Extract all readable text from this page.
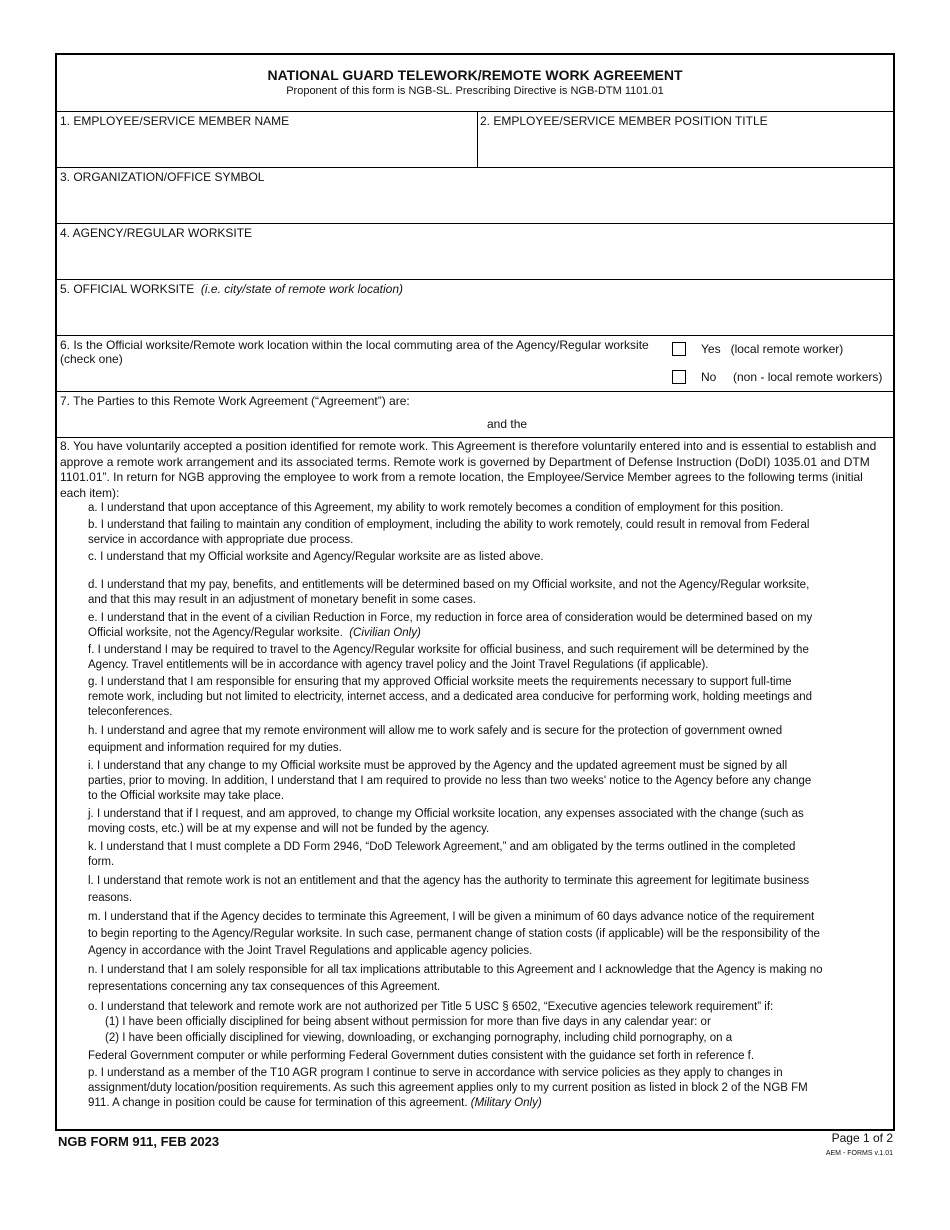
NATIONAL GUARD TELEWORK/REMOTE WORK AGREEMENT
Proponent of this form is NGB-SL. Prescribing Directive is NGB-DTM 1101.01
1. EMPLOYEE/SERVICE MEMBER NAME	2. EMPLOYEE/SERVICE MEMBER POSITION TITLE
3. ORGANIZATION/OFFICE SYMBOL
4. AGENCY/REGULAR WORKSITE
5. OFFICIAL WORKSITE (i.e. city/state of remote work location)
6. Is the Official worksite/Remote work location within the local commuting area of the Agency/Regular worksite (check one)
Yes (local remote worker)
No (non - local remote workers)
7. The Parties to this Remote Work Agreement (“Agreement”) are:
and the
8. You have voluntarily accepted a position identified for remote work. This Agreement is therefore voluntarily entered into and is essential to establish and approve a remote work arrangement and its associated terms. Remote work is governed by Department of Defense Instruction (DoDI) 1035.01 and DTM 1101.01”. In return for NGB approving the employee to work from a remote location, the Employee/Service Member agrees to the following terms (initial each item):

a. I understand that upon acceptance of this Agreement, my ability to work remotely becomes a condition of employment for this position.

b. I understand that failing to maintain any condition of employment, including the ability to work remotely, could result in removal from Federal service in accordance with appropriate due process.

c. I understand that my Official worksite and Agency/Regular worksite are as listed above.

d. I understand that my pay, benefits, and entitlements will be determined based on my Official worksite, and not the Agency/Regular worksite, and that this may result in an adjustment of monetary benefit in some cases.

e. I understand that in the event of a civilian Reduction in Force, my reduction in force area of consideration would be determined based on my Official worksite, not the Agency/Regular worksite. (Civilian Only)

f. I understand I may be required to travel to the Agency/Regular worksite for official business, and such requirement will be determined by the Agency. Travel entitlements will be in accordance with agency travel policy and the Joint Travel Regulations (if applicable).

g. I understand that I am responsible for ensuring that my approved Official worksite meets the requirements necessary to support full-time remote work, including but not limited to electricity, internet access, and a dedicated area conducive for performing work, holding meetings and teleconferences.

h. I understand and agree that my remote environment will allow me to work safely and is secure for the protection of government owned equipment and information required for my duties.

i. I understand that any change to my Official worksite must be approved by the Agency and the updated agreement must be signed by all parties, prior to moving. In addition, I understand that I am required to provide no less than two weeks' notice to the Agency before any change to the Official worksite may take place.

j. I understand that if I request, and am approved, to change my Official worksite location, any expenses associated with the change (such as moving costs, etc.) will be at my expense and will not be funded by the agency.

k. I understand that I must complete a DD Form 2946, “DoD Telework Agreement,” and am obligated by the terms outlined in the completed form.

l. I understand that remote work is not an entitlement and that the agency has the authority to terminate this agreement for legitimate business reasons.

m. I understand that if the Agency decides to terminate this Agreement, I will be given a minimum of 60 days advance notice of the requirement to begin reporting to the Agency/Regular worksite. In such case, permanent change of station costs (if applicable) will be the responsibility of the Agency in accordance with the Joint Travel Regulations and applicable agency policies.

n. I understand that I am solely responsible for all tax implications attributable to this Agreement and I acknowledge that the Agency is making no representations concerning any tax consequences of this Agreement.

o. I understand that telework and remote work are not authorized per Title 5 USC § 6502, “Executive agencies telework requirement” if:

(1) I have been officially disciplined for being absent without permission for more than five days in any calendar year: or

(2) I have been officially disciplined for viewing, downloading, or exchanging pornography, including child pornography, on a

Federal Government computer or while performing Federal Government duties consistent with the guidance set forth in reference f.

p. I understand as a member of the T10 AGR program I continue to serve in accordance with service policies as they apply to changes in assignment/duty location/position requirements. As such this agreement applies only to my current position as listed in block 2 of the NGB FM 911. A change in position could be cause for termination of this agreement. (Military Only)

NGB FORM 911, FEB 2023	Page 1 of 2
AEM - FORMS v.1.01
